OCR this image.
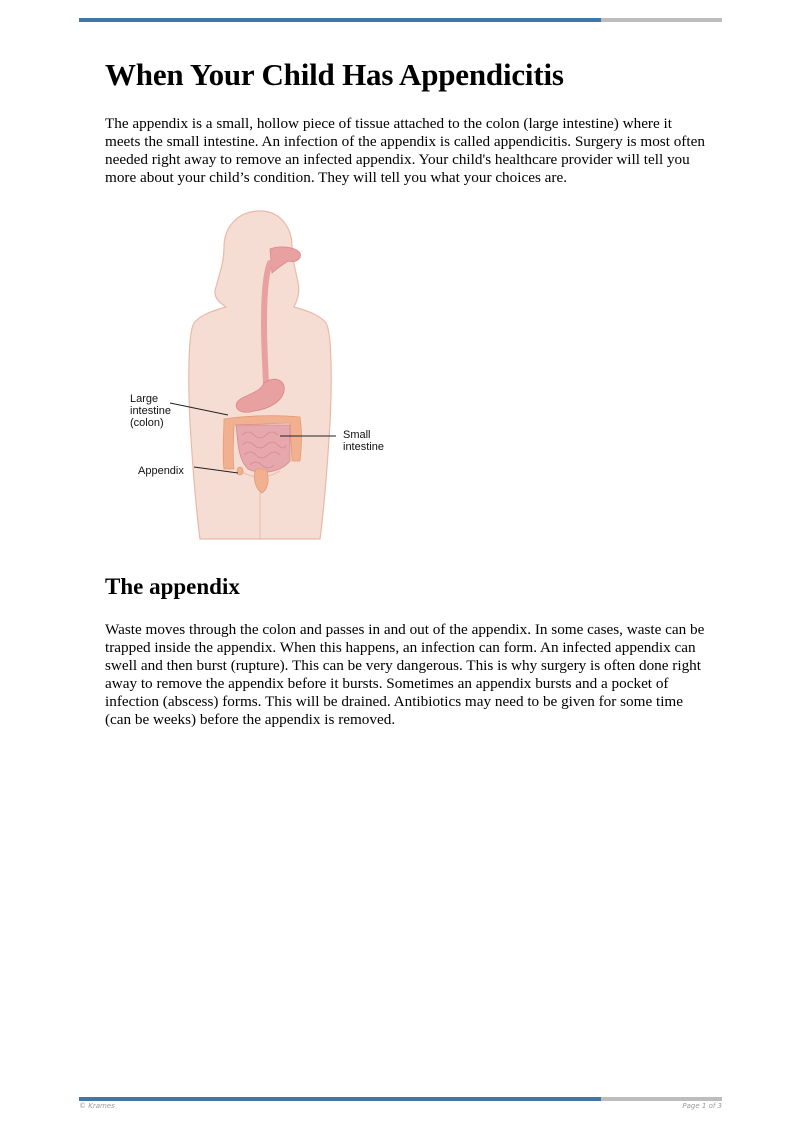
When Your Child Has Appendicitis

The appendix is a small, hollow piece of tissue attached to the colon (large intestine) where it meets the small intestine. An infection of the appendix is called appendicitis. Surgery is most often needed right away to remove an infected appendix. Your child's healthcare provider will tell you more about your child’s condition. They will tell you what your choices are.

Large
intestine
(colon)
Small
intestine
Appendix
The appendix

Waste moves through the colon and passes in and out of the appendix. In some cases, waste can be trapped inside the appendix. When this happens, an infection can form. An infected appendix can swell and then burst (rupture). This can be very dangerous. This is why surgery is often done right away to remove the appendix before it bursts. Sometimes an appendix bursts and a pocket of infection (abscess) forms. This will be drained. Antibiotics may need to be given for some time (can be weeks) before the appendix is removed.

© Krames	Page 1 of 3
